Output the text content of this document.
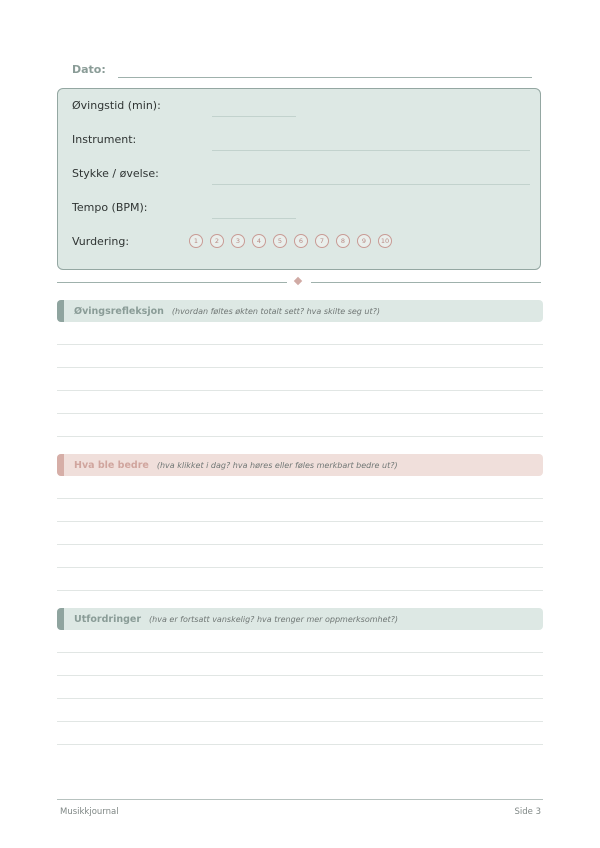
Dato:
Øvingstid (min):
Instrument:
Stykke / øvelse:
Tempo (BPM):
Vurdering:	1	2	3	4	5	6	7	8	9	10
Øvingsrefleksjon (hvordan føltes økten totalt sett? hva skilte seg ut?)
Hva ble bedre (hva klikket i dag? hva høres eller føles merkbart bedre ut?)
Utfordringer (hva er fortsatt vanskelig? hva trenger mer oppmerksomhet?)
Musikkjournal	Side 3
